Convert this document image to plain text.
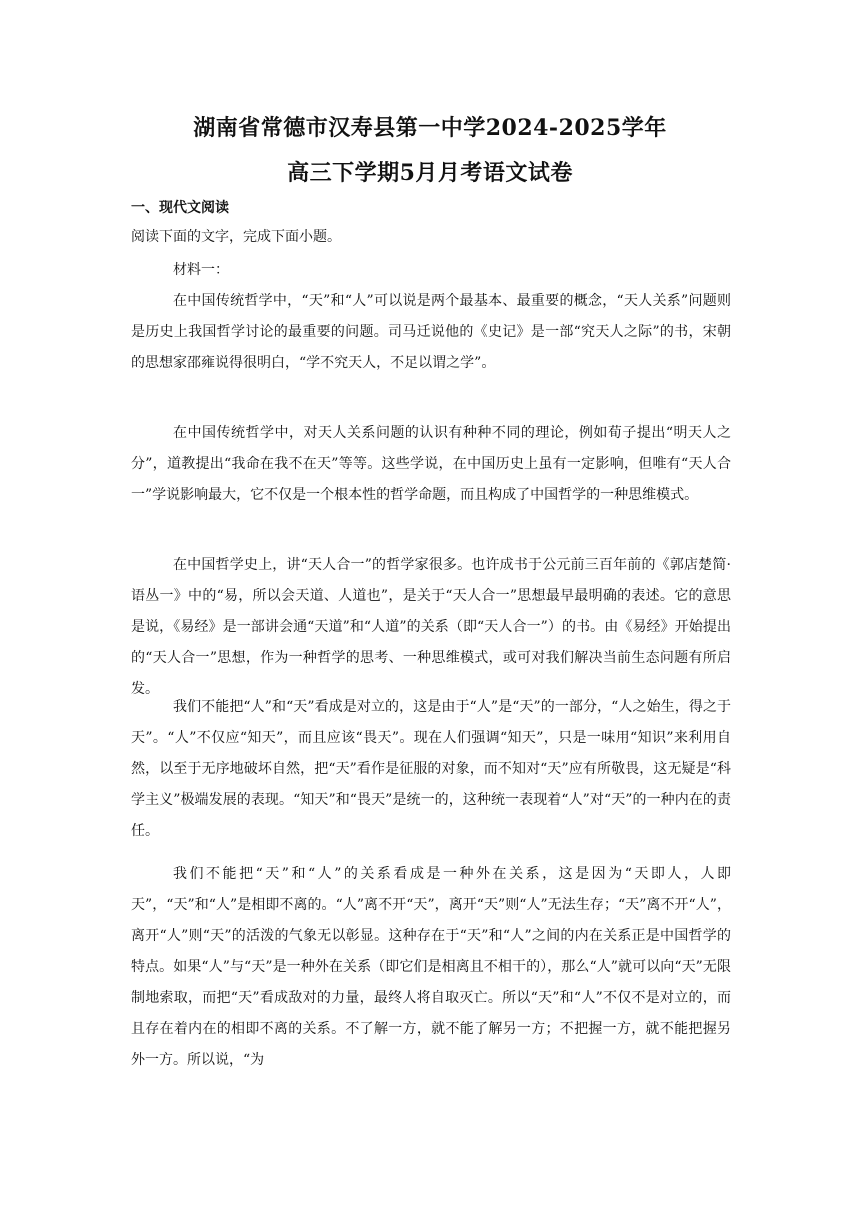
湖南省常德市汉寿县第一中学2024-2025学年
高三下学期5月月考语文试卷
一、现代文阅读
阅读下面的文字，完成下面小题。
材料一：

在中国传统哲学中，“天”和“人”可以说是两个最基本、最重要的概念，“天人关系”问题则是历史上我国哲学讨论的最重要的问题。司马迁说他的《史记》是一部“究天人之际”的书，宋朝的思想家邵雍说得很明白，“学不究天人，不足以谓之学”。

在中国传统哲学中，对天人关系问题的认识有种种不同的理论，例如荀子提出“明天人之分”，道教提出“我命在我不在天”等等。这些学说，在中国历史上虽有一定影响，但唯有“天人合一”学说影响最大，它不仅是一个根本性的哲学命题，而且构成了中国哲学的一种思维模式。

在中国哲学史上，讲“天人合一”的哲学家很多。也许成书于公元前三百年前的《郭店楚简·语丛一》中的“易，所以会天道、人道也”，是关于“天人合一”思想最早最明确的表述。它的意思是说，《易经》是一部讲会通“天道”和“人道”的关系（即“天人合一”）的书。由《易经》开始提出的“天人合一”思想，作为一种哲学的思考、一种思维模式，或可对我们解决当前生态问题有所启发。

我们不能把“人”和“天”看成是对立的，这是由于“人”是“天”的一部分，“人之始生，得之于天”。“人”不仅应“知天”，而且应该“畏天”。现在人们强调“知天”，只是一味用“知识”来利用自然，以至于无序地破坏自然，把“天”看作是征服的对象，而不知对“天”应有所敬畏，这无疑是“科学主义”极端发展的表现。“知天”和“畏天”是统一的，这种统一表现着“人”对“天”的一种内在的责任。

我们不能把“天”和“人”的关系看成是一种外在关系，这是因为“天即人，人即天”，“天”和“人”是相即不离的。“人”离不开“天”，离开“天”则“人”无法生存；“天”离不开“人”，离开“人”则“天”的活泼的气象无以彰显。这种存在于“天”和“人”之间的内在关系正是中国哲学的特点。如果“人”与“天”是一种外在关系（即它们是相离且不相干的），那么“人”就可以向“天”无限制地索取，而把“天”看成敌对的力量，最终人将自取灭亡。所以“天”和“人”不仅不是对立的，而且存在着内在的相即不离的关系。不了解一方，就不能了解另一方；不把握一方，就不能把握另外一方。所以说，“为
